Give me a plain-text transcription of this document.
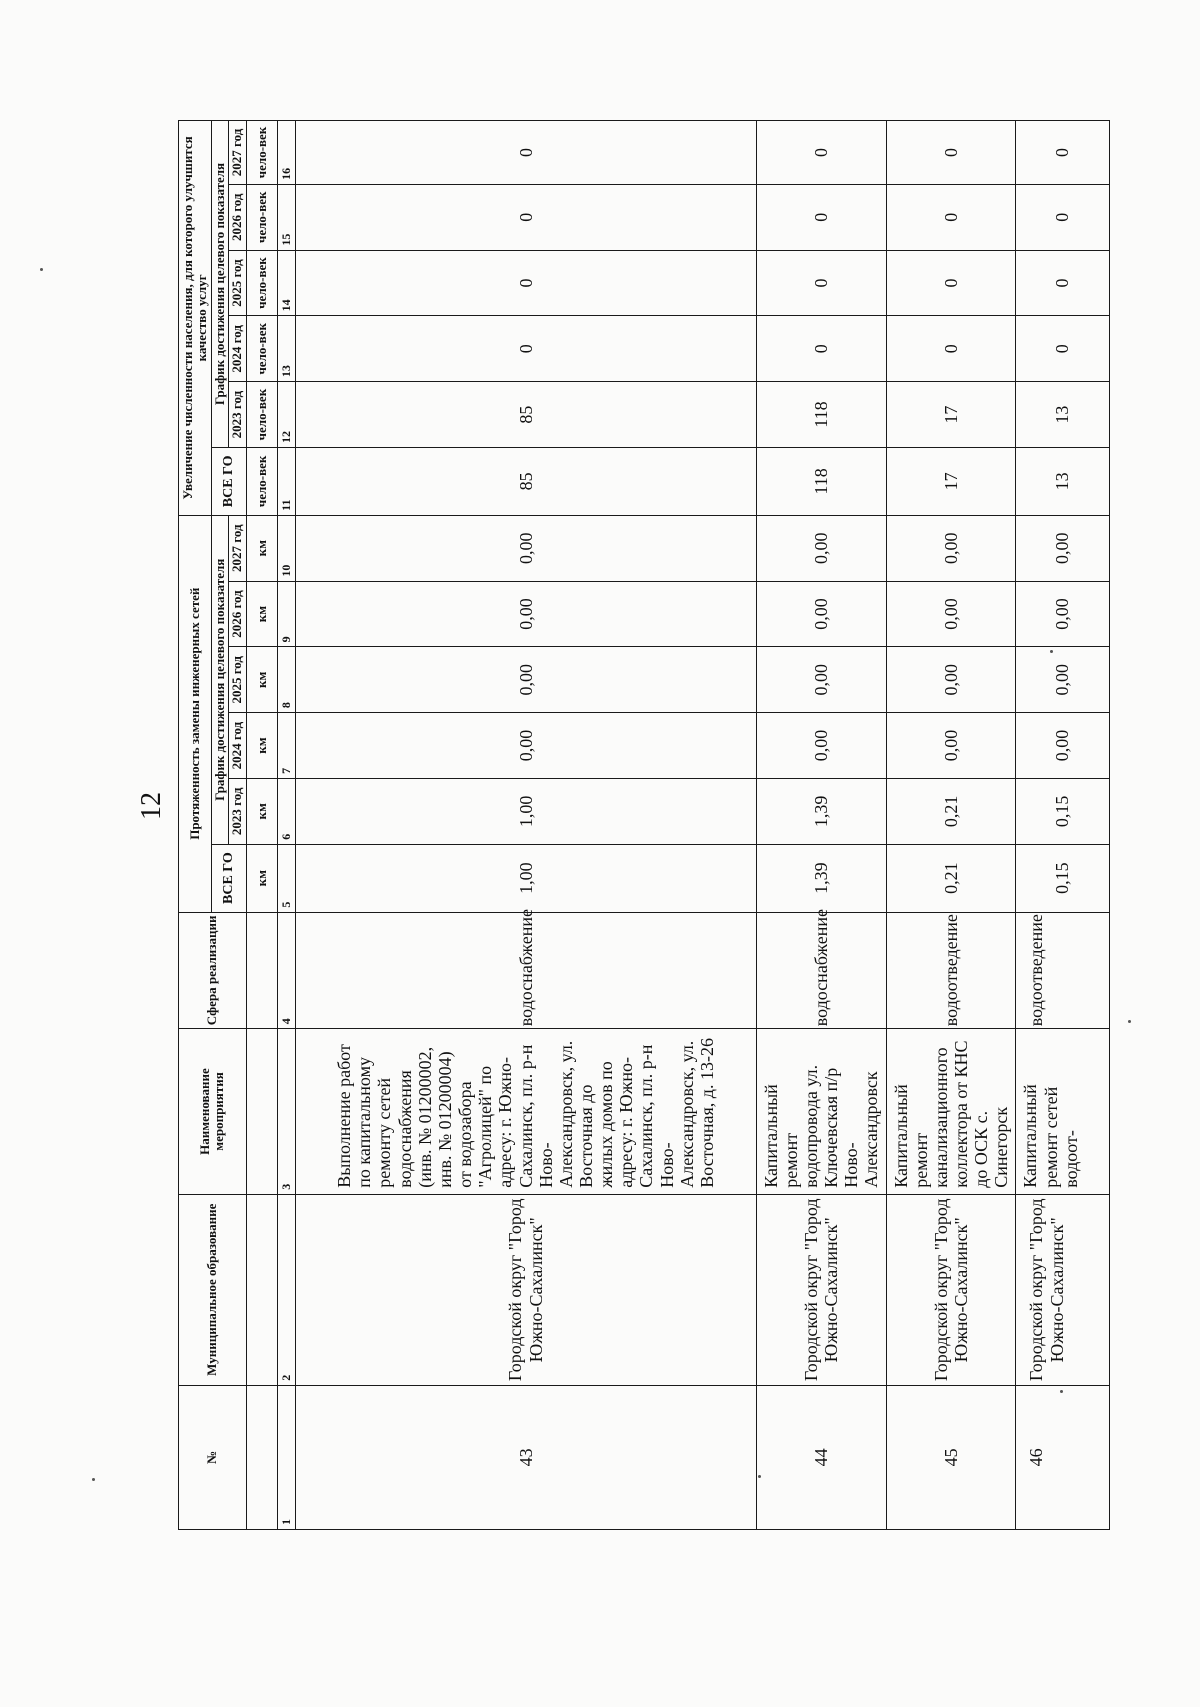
12
№	Муниципальное образование	Наименование мероприятия	Сфера реализации	Протяженность замены инженерных сетей						Увеличение численности населения, для которого улучшится качество услуг					
				ВСЕ ГО	График достижения целевого показателя					ВСЕ ГО	График достижения целевого показателя				
					2023 год	2024 год	2025 год	2026 год	2027 год		2023 год	2024 год	2025 год	2026 год	2027 год
				км	км	км	км	км	км	чело-век	чело-век	чело-век	чело-век	чело-век	чело-век
1	2	3	4	5	6	7	8	9	10	11	12	13	14	15	16
43	Городской округ "Город Южно-Сахалинск"	Выполнение работ по капитальному ремонту сетей водоснабжения (инв. № 01200002, инв. № 01200004) от водозабора "Агролицей" по адресу: г. Южно-Сахалинск, пл. р-н Ново-Александровск, ул. Восточная до жилых домов по адресу: г. Южно-Сахалинск, пл. р-н Ново-Александровск, ул. Восточная, д. 13-26	водоснабжение	1,00	1,00	0,00	0,00	0,00	0,00	85	85	0	0	0	0
44	Городской округ "Город Южно-Сахалинск"	Капитальный ремонт водопровода ул. Ключевская п/р Ново-Александровск	водоснабжение	1,39	1,39	0,00	0,00	0,00	0,00	118	118	0	0	0	0
45	Городской округ "Город Южно-Сахалинск"	Капитальный ремонт канализационного коллектора от КНС до ОСК с. Синегорск	водоотведение	0,21	0,21	0,00	0,00	0,00	0,00	17	17	0	0	0	0
46	Городской округ "Город Южно-Сахалинск"	Капитальный ремонт сетей водоот-	водоотведение	0,15	0,15	0,00	0,00	0,00	0,00	13	13	0	0	0	0
